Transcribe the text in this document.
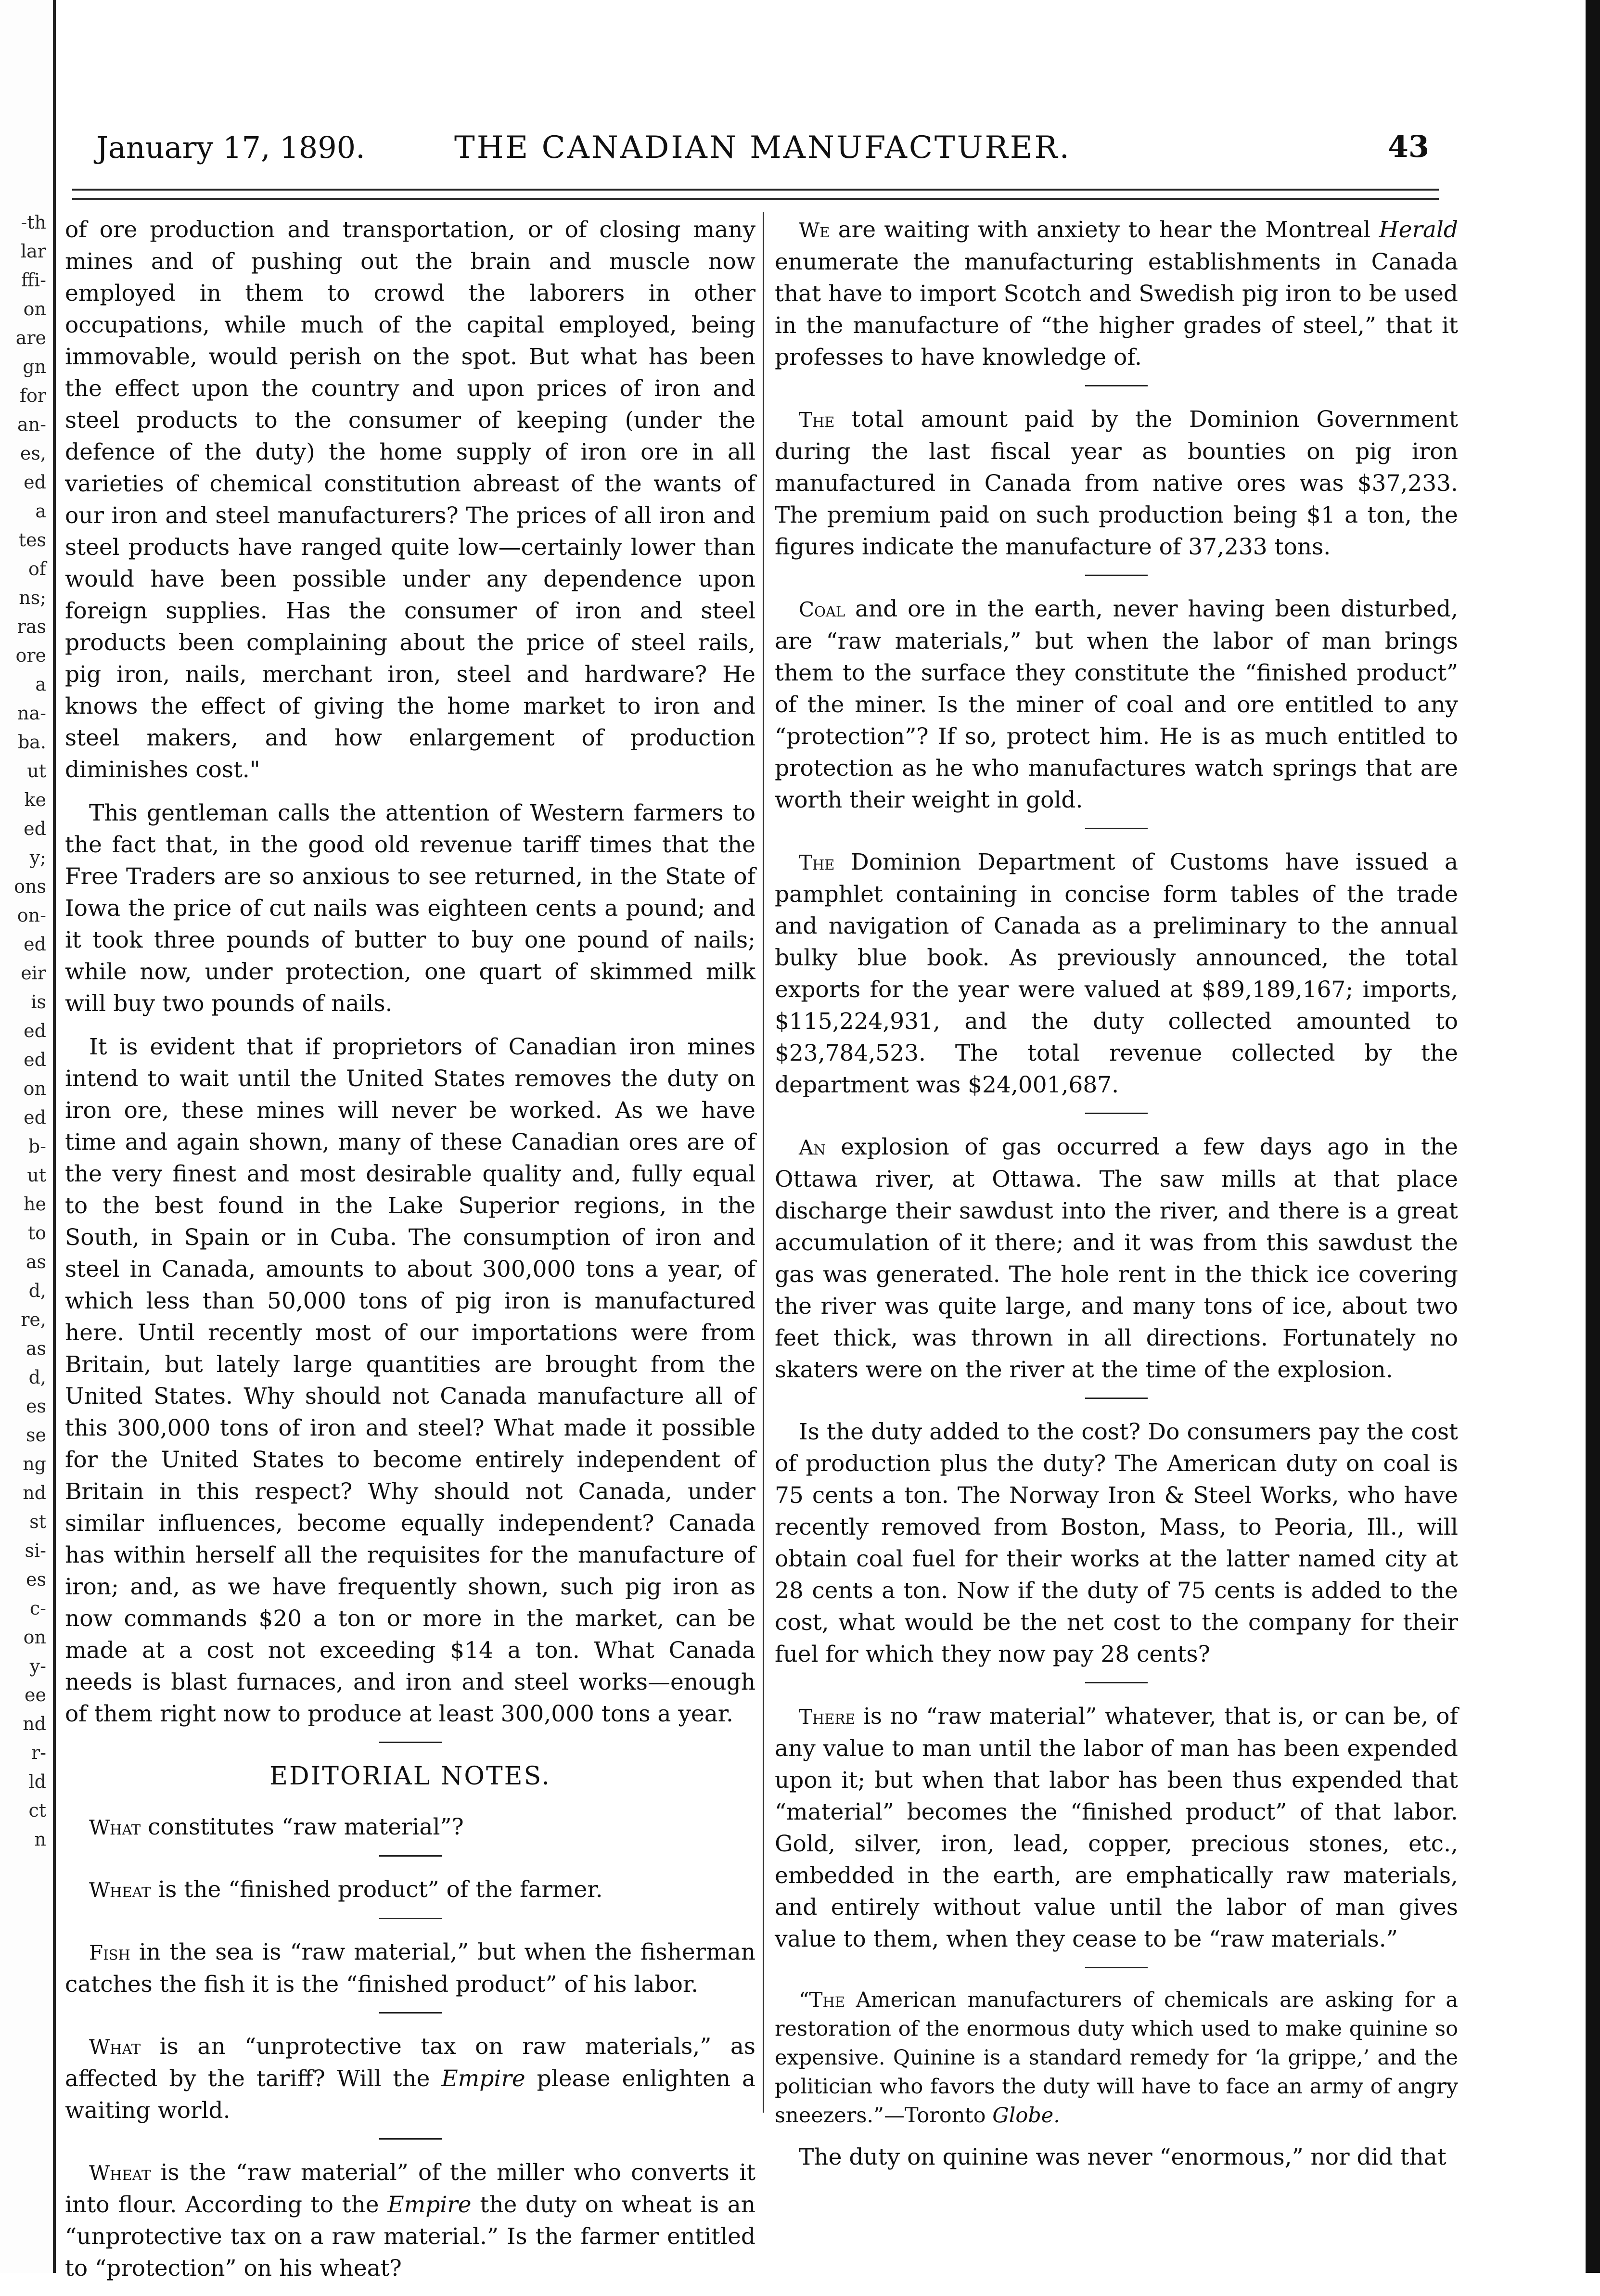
-th
lar
ffi-
on
are
gn
for
an-
es,
ed
a
tes
of
ns;
ras
ore
a
na-
ba.
ut
ke
ed
y;
ons
on-
ed
eir
is
ed
ed
on
ed
b-
ut
he
to
as
d,
re,
as
d,
es
se
ng
nd
st
si-
es
c-
on
y-
ee
nd
r-
ld
ct
n
January 17, 1890.	THE CANADIAN MANUFACTURER.	43

of ore production and transportation, or of closing many mines and of pushing out the brain and muscle now employed in them to crowd the laborers in other occupations, while much of the capital employed, being immovable, would perish on the spot. But what has been the effect upon the country and upon prices of iron and steel products to the consumer of keeping (under the defence of the duty) the home supply of iron ore in all varieties of chemical constitution abreast of the wants of our iron and steel manufacturers? The prices of all iron and steel products have ranged quite low—certainly lower than would have been possible under any dependence upon foreign supplies. Has the consumer of iron and steel products been complaining about the price of steel rails, pig iron, nails, merchant iron, steel and hardware? He knows the effect of giving the home market to iron and steel makers, and how enlargement of production diminishes cost."

This gentleman calls the attention of Western farmers to the fact that, in the good old revenue tariff times that the Free Traders are so anxious to see returned, in the State of Iowa the price of cut nails was eighteen cents a pound; and it took three pounds of butter to buy one pound of nails; while now, under protection, one quart of skimmed milk will buy two pounds of nails.

It is evident that if proprietors of Canadian iron mines intend to wait until the United States removes the duty on iron ore, these mines will never be worked. As we have time and again shown, many of these Canadian ores are of the very finest and most desirable quality and, fully equal to the best found in the Lake Superior regions, in the South, in Spain or in Cuba. The consumption of iron and steel in Canada, amounts to about 300,000 tons a year, of which less than 50,000 tons of pig iron is manufactured here. Until recently most of our importations were from Britain, but lately large quantities are brought from the United States. Why should not Canada manufacture all of this 300,000 tons of iron and steel? What made it possible for the United States to become entirely independent of Britain in this respect? Why should not Canada, under similar influences, become equally independent? Canada has within herself all the requisites for the manufacture of iron; and, as we have frequently shown, such pig iron as now commands $20 a ton or more in the market, can be made at a cost not exceeding $14 a ton. What Canada needs is blast furnaces, and iron and steel works—enough of them right now to produce at least 300,000 tons a year.

EDITORIAL NOTES.

What constitutes “raw material”?

Wheat is the “finished product” of the farmer.

Fish in the sea is “raw material,” but when the fisherman catches the fish it is the “finished product” of his labor.

What is an “unprotective tax on raw materials,” as affected by the tariff? Will the Empire please enlighten a waiting world.

Wheat is the “raw material” of the miller who converts it into flour. According to the Empire the duty on wheat is an “unprotective tax on a raw material.” Is the farmer entitled to “protection” on his wheat?

We are waiting with anxiety to hear the Montreal Herald enumerate the manufacturing establishments in Canada that have to import Scotch and Swedish pig iron to be used in the manufacture of “the higher grades of steel,” that it professes to have knowledge of.

The total amount paid by the Dominion Government during the last fiscal year as bounties on pig iron manufactured in Canada from native ores was $37,233. The premium paid on such production being $1 a ton, the figures indicate the manufacture of 37,233 tons.

Coal and ore in the earth, never having been disturbed, are “raw materials,” but when the labor of man brings them to the surface they constitute the “finished product” of the miner. Is the miner of coal and ore entitled to any “protection”? If so, protect him. He is as much entitled to protection as he who manufactures watch springs that are worth their weight in gold.

The Dominion Department of Customs have issued a pamphlet containing in concise form tables of the trade and navigation of Canada as a preliminary to the annual bulky blue book. As previously announced, the total exports for the year were valued at $89,189,167; imports, $115,224,931, and the duty collected amounted to $23,784,523. The total revenue collected by the department was $24,001,687.

An explosion of gas occurred a few days ago in the Ottawa river, at Ottawa. The saw mills at that place discharge their sawdust into the river, and there is a great accumulation of it there; and it was from this sawdust the gas was generated. The hole rent in the thick ice covering the river was quite large, and many tons of ice, about two feet thick, was thrown in all directions. Fortunately no skaters were on the river at the time of the explosion.

Is the duty added to the cost? Do consumers pay the cost of production plus the duty? The American duty on coal is 75 cents a ton. The Norway Iron & Steel Works, who have recently removed from Boston, Mass, to Peoria, Ill., will obtain coal fuel for their works at the latter named city at 28 cents a ton. Now if the duty of 75 cents is added to the cost, what would be the net cost to the company for their fuel for which they now pay 28 cents?

There is no “raw material” whatever, that is, or can be, of any value to man until the labor of man has been expended upon it; but when that labor has been thus expended that “material” becomes the “finished product” of that labor. Gold, silver, iron, lead, copper, precious stones, etc., embedded in the earth, are emphatically raw materials, and entirely without value until the labor of man gives value to them, when they cease to be “raw materials.”

“The American manufacturers of chemicals are asking for a restoration of the enormous duty which used to make quinine so expensive. Quinine is a standard remedy for ‘la grippe,’ and the politician who favors the duty will have to face an army of angry sneezers.”—Toronto Globe.

The duty on quinine was never “enormous,” nor did that
